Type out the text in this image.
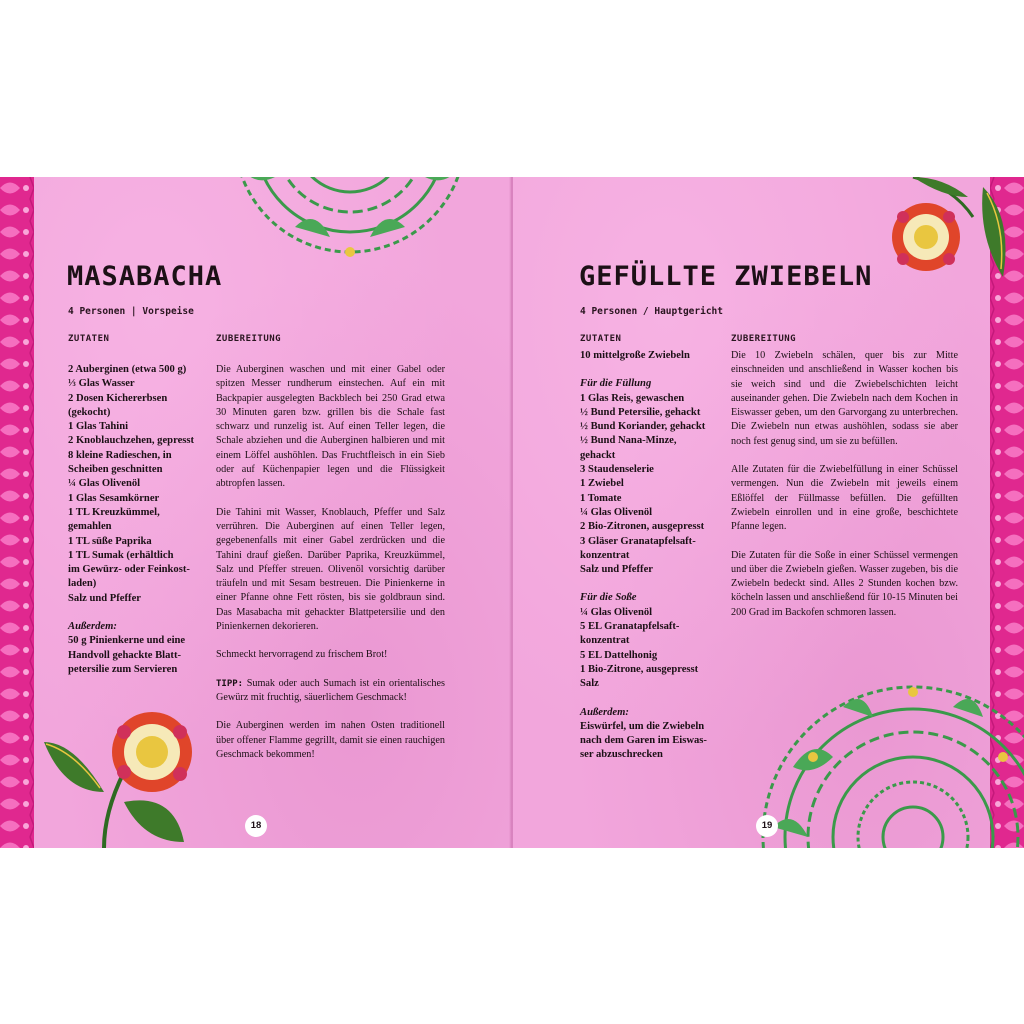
MASABACHA
4 Personen | Vorspeise
ZUTATEN	ZUBEREITUNG
2 Auberginen (etwa 500 g)
⅓ Glas Wasser
2 Dosen Kichererbsen
(gekocht)
1 Glas Tahini
2 Knoblauchzehen, gepresst
8 kleine Radieschen, in
Scheiben geschnitten
¼ Glas Olivenöl
1 Glas Sesamkörner
1 TL Kreuzkümmel,
gemahlen
1 TL süße Paprika
1 TL Sumak (erhältlich
im Gewürz- oder Feinkost-
laden)
Salz und Pfeffer
Außerdem:
50 g Pinienkerne und eine
Handvoll gehackte Blatt-
petersilie zum Servieren

Die Auberginen waschen und mit einer Gabel oder spitzen Messer rundherum einstechen. Auf ein mit Backpapier ausgelegten Backblech bei 250 Grad etwa 30 Minuten garen bzw. grillen bis die Schale fast schwarz und runzelig ist. Auf einen Teller legen, die Schale abziehen und die Auberginen halbieren und mit einem Löffel aushöhlen. Das Fruchtfleisch in ein Sieb oder auf Küchenpapier legen und die Flüssigkeit abtropfen lassen.

Die Tahini mit Wasser, Knoblauch, Pfeffer und Salz verrühren. Die Auberginen auf einen Teller legen, gegebenenfalls mit einer Gabel zerdrücken und die Tahini drauf gießen. Darüber Paprika, Kreuzkümmel, Salz und Pfeffer streuen. Olivenöl vorsichtig darüber träufeln und mit Sesam bestreuen. Die Pinienkerne in einer Pfanne ohne Fett rösten, bis sie goldbraun sind. Das Masabacha mit gehackter Blattpetersilie und den Pinienkernen dekorieren.

Schmeckt hervorragend zu frischem Brot!

TIPP: Sumak oder auch Sumach ist ein orientalisches Gewürz mit fruchtig, säuerlichem Geschmack!

Die Auberginen werden im nahen Osten traditionell über offener Flamme gegrillt, damit sie einen rauchigen Geschmack bekommen!

18
GEFÜLLTE ZWIEBELN
4 Personen / Hauptgericht
ZUTATEN	ZUBEREITUNG
10 mittelgroße Zwiebeln
Für die Füllung
1 Glas Reis, gewaschen
½ Bund Petersilie, gehackt
½ Bund Koriander, gehackt
½ Bund Nana-Minze,
gehackt
3 Staudenselerie
1 Zwiebel
1 Tomate
¼ Glas Olivenöl
2 Bio-Zitronen, ausgepresst
3 Gläser Granatapfelsaft-
konzentrat
Salz und Pfeffer
Für die Soße
¼ Glas Olivenöl
5 EL Granatapfelsaft-
konzentrat
5 EL Dattelhonig
1 Bio-Zitrone, ausgepresst
Salz
Außerdem:
Eiswürfel, um die Zwiebeln
nach dem Garen im Eiswas-
ser abzuschrecken

Die 10 Zwiebeln schälen, quer bis zur Mitte einschneiden und anschließend in Wasser kochen bis sie weich sind und die Zwiebelschichten leicht auseinander gehen. Die Zwiebeln nach dem Kochen in Eiswasser geben, um den Garvorgang zu unterbrechen. Die Zwiebeln nun etwas aushöhlen, sodass sie aber noch fest genug sind, um sie zu befüllen.

Alle Zutaten für die Zwiebelfüllung in einer Schüssel vermengen. Nun die Zwiebeln mit jeweils einem Eßlöffel der Füllmasse befüllen. Die gefüllten Zwiebeln einrollen und in eine große, beschichtete Pfanne legen.

Die Zutaten für die Soße in einer Schüssel vermengen und über die Zwiebeln gießen. Wasser zugeben, bis die Zwiebeln bedeckt sind. Alles 2 Stunden kochen bzw. köcheln lassen und anschließend für 10-15 Minuten bei 200 Grad im Backofen schmoren lassen.

19
